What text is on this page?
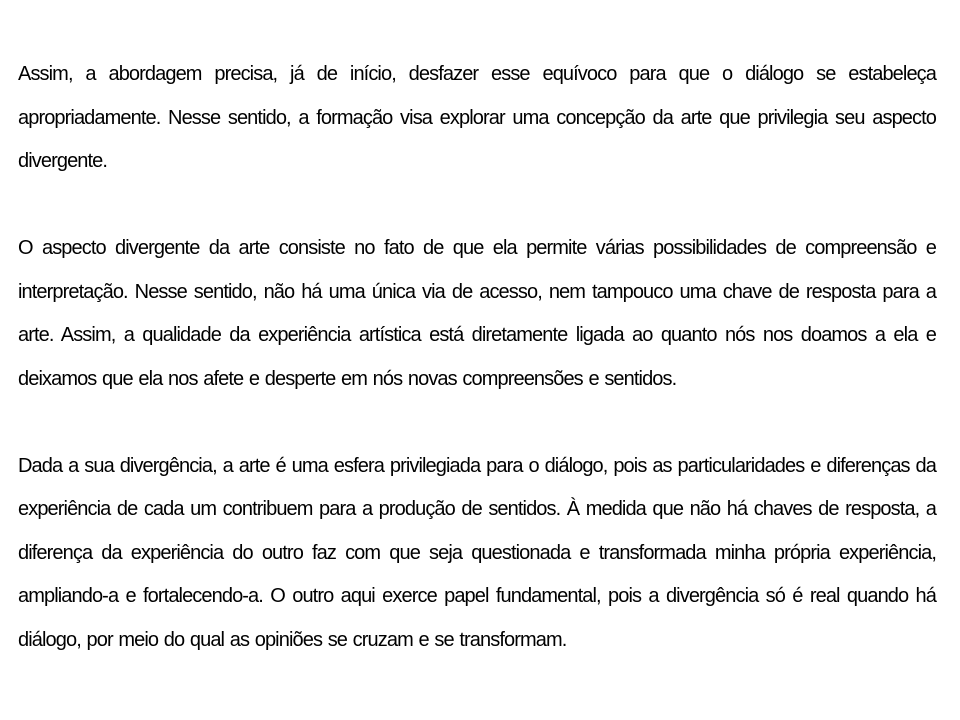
Assim, a abordagem precisa, já de início, desfazer esse equívoco para que o diálogo se estabeleça apropriadamente. Nesse sentido, a formação visa explorar uma concepção da arte que privilegia seu aspecto divergente.

O aspecto divergente da arte consiste no fato de que ela permite várias possibilidades de compreensão e interpretação. Nesse sentido, não há uma única via de acesso, nem tampouco uma chave de resposta para a arte. Assim, a qualidade da experiência artística está diretamente ligada ao quanto nós nos doamos a ela e deixamos que ela nos afete e desperte em nós novas compreensões e sentidos.

Dada a sua divergência, a arte é uma esfera privilegiada para o diálogo, pois as particularidades e diferenças da experiência de cada um contribuem para a produção de sentidos. À medida que não há chaves de resposta, a diferença da experiência do outro faz com que seja questionada e transformada minha própria experiência, ampliando-a e fortalecendo-a. O outro aqui exerce papel fundamental, pois a divergência só é real quando há diálogo, por meio do qual as opiniões se cruzam e se transformam.
